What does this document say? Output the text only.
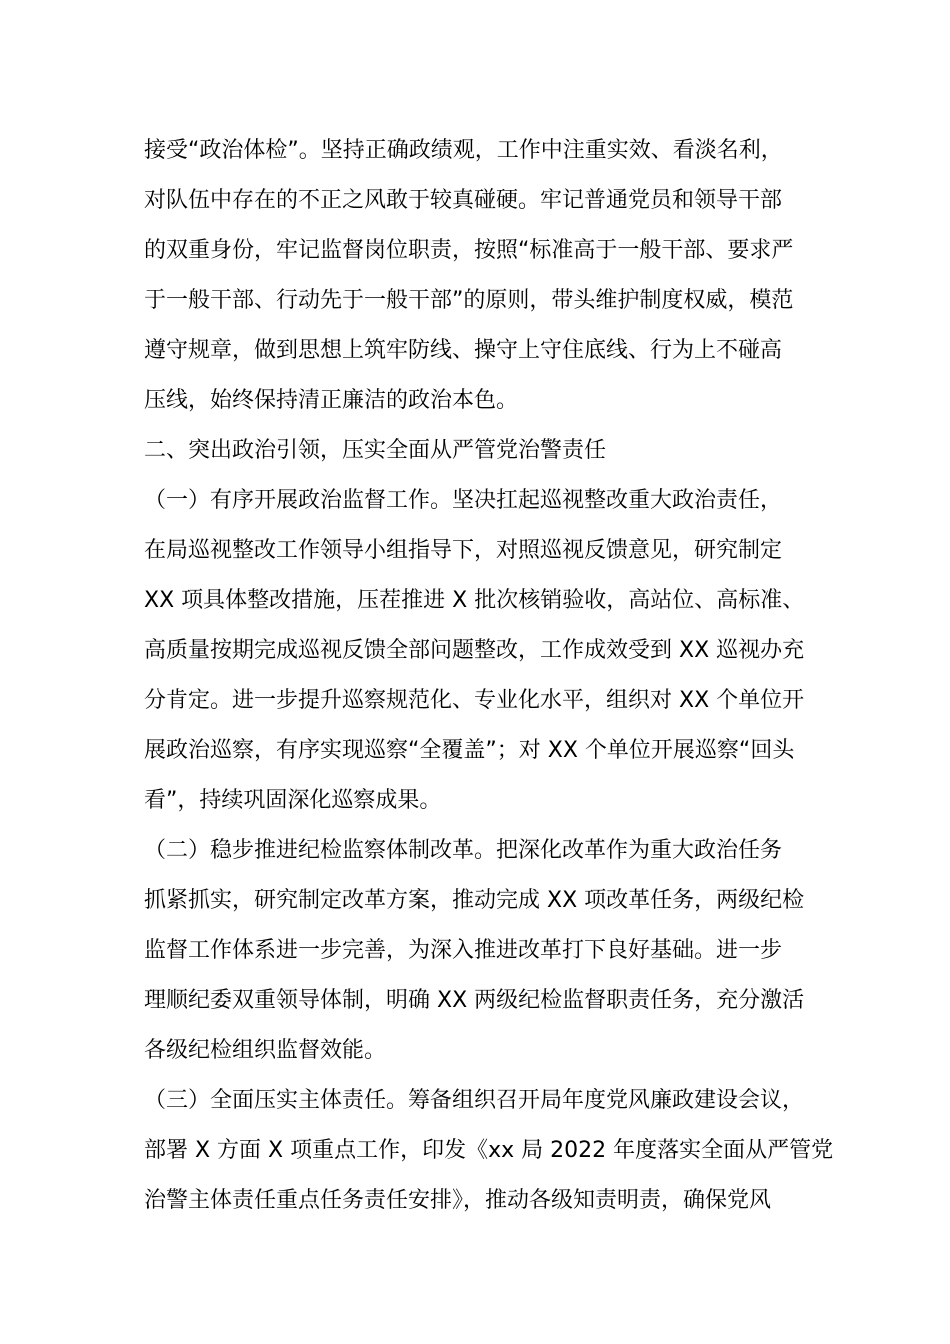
接受“政治体检”。坚持正确政绩观，工作中注重实效、看淡名利，
对队伍中存在的不正之风敢于较真碰硬。牢记普通党员和领导干部
的双重身份，牢记监督岗位职责，按照“标准高于一般干部、要求严
于一般干部、行动先于一般干部”的原则，带头维护制度权威，模范
遵守规章，做到思想上筑牢防线、操守上守住底线、行为上不碰高
压线，始终保持清正廉洁的政治本色。
二、突出政治引领，压实全面从严管党治警责任
（一）有序开展政治监督工作。坚决扛起巡视整改重大政治责任，
在局巡视整改工作领导小组指导下，对照巡视反馈意见，研究制定
XX 项具体整改措施，压茬推进 X 批次核销验收，高站位、高标准、
高质量按期完成巡视反馈全部问题整改，工作成效受到 XX 巡视办充
分肯定。进一步提升巡察规范化、专业化水平，组织对 XX 个单位开
展政治巡察，有序实现巡察“全覆盖”；对 XX 个单位开展巡察“回头
看”，持续巩固深化巡察成果。
（二）稳步推进纪检监察体制改革。把深化改革作为重大政治任务
抓紧抓实，研究制定改革方案，推动完成 XX 项改革任务，两级纪检
监督工作体系进一步完善，为深入推进改革打下良好基础。进一步
理顺纪委双重领导体制，明确 XX 两级纪检监督职责任务，充分激活
各级纪检组织监督效能。
（三）全面压实主体责任。筹备组织召开局年度党风廉政建设会议，
部署 X 方面 X 项重点工作，印发《xx 局 2022 年度落实全面从严管党
治警主体责任重点任务责任安排》，推动各级知责明责，确保党风
